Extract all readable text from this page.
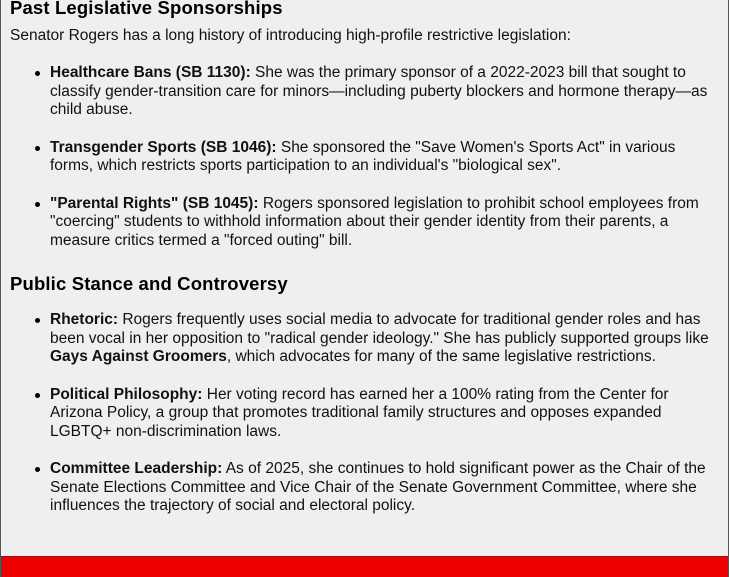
Past Legislative Sponsorships

Senator Rogers has a long history of introducing high-profile restrictive legislation:

Healthcare Bans (SB 1130): She was the primary sponsor of a 2022-2023 bill that sought to classify gender-transition care for minors—including puberty blockers and hormone therapy—as child abuse.
Transgender Sports (SB 1046): She sponsored the "Save Women's Sports Act" in various forms, which restricts sports participation to an individual's "biological sex".
"Parental Rights" (SB 1045): Rogers sponsored legislation to prohibit school employees from "coercing" students to withhold information about their gender identity from their parents, a measure critics termed a "forced outing" bill.
Public Stance and Controversy
Rhetoric: Rogers frequently uses social media to advocate for traditional gender roles and has been vocal in her opposition to "radical gender ideology." She has publicly supported groups like Gays Against Groomers, which advocates for many of the same legislative restrictions.
Political Philosophy: Her voting record has earned her a 100% rating from the Center for Arizona Policy, a group that promotes traditional family structures and opposes expanded LGBTQ+ non-discrimination laws.
Committee Leadership: As of 2025, she continues to hold significant power as the Chair of the Senate Elections Committee and Vice Chair of the Senate Government Committee, where she influences the trajectory of social and electoral policy.
